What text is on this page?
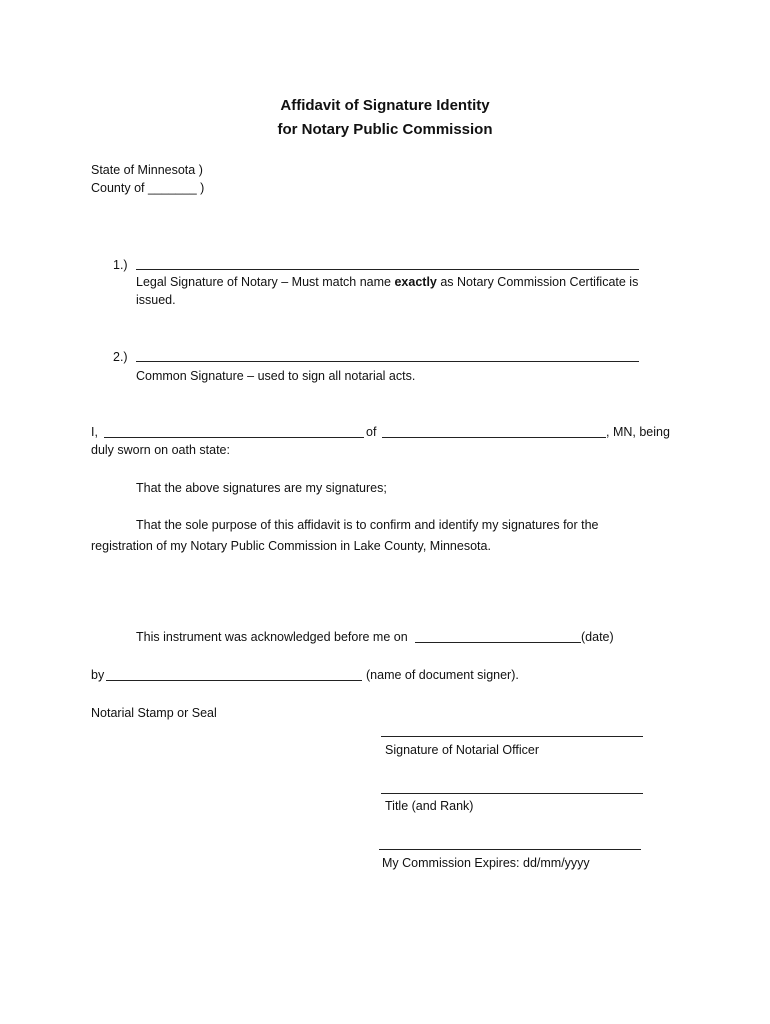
Affidavit of Signature Identity
for Notary Public Commission
State of Minnesota )
County of _______ )
1.)
Legal Signature of Notary – Must match name exactly as Notary Commission Certificate is
issued.
2.)
Common Signature – used to sign all notarial acts.
I,	of	, MN, being
duly sworn on oath state:
That the above signatures are my signatures;
That the sole purpose of this affidavit is to confirm and identify my signatures for the
registration of my Notary Public Commission in Lake County, Minnesota.
This instrument was acknowledged before me on	(date)
by	(name of document signer).
Notarial Stamp or Seal
Signature of Notarial Officer
Title (and Rank)
My Commission Expires: dd/mm/yyyy
